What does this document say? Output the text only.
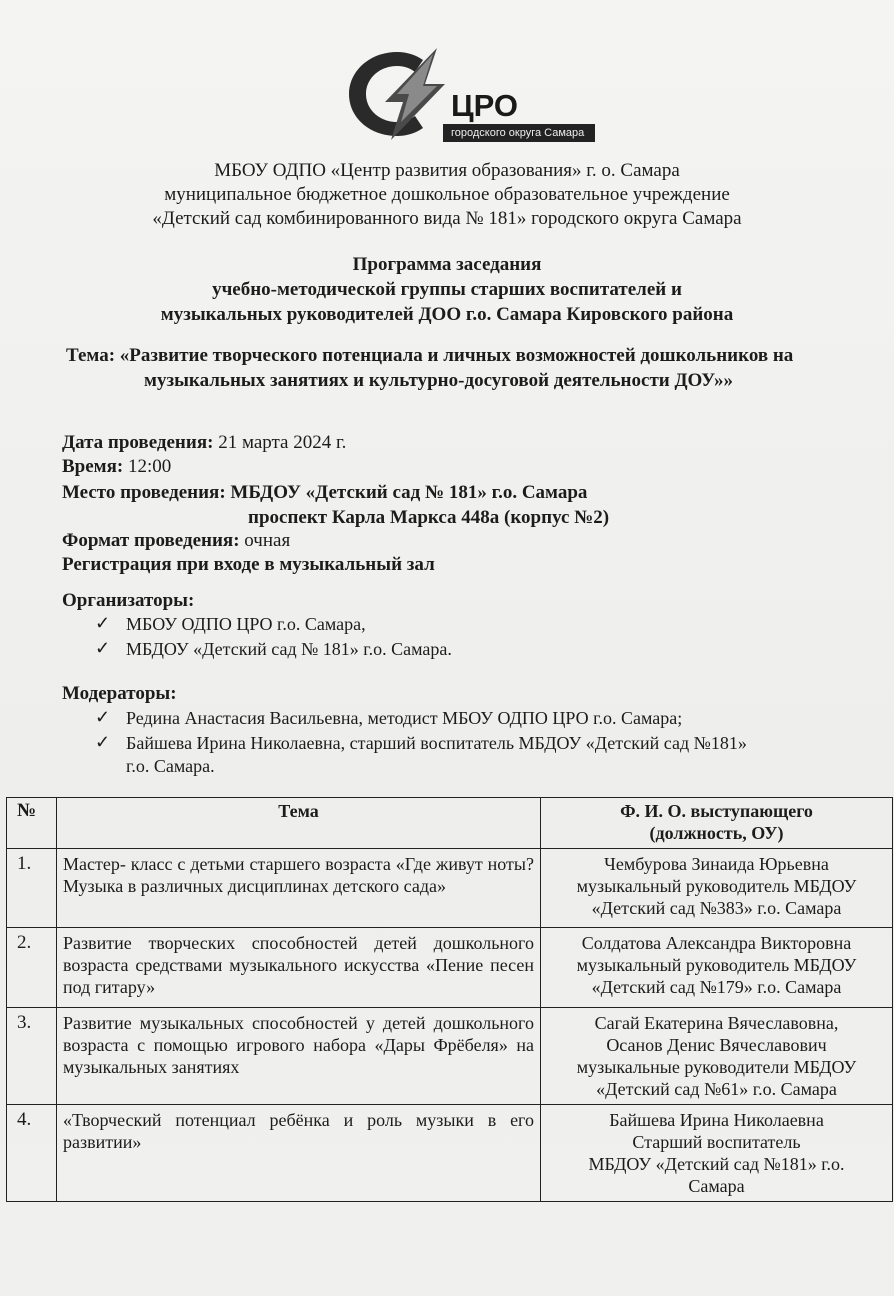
ЦРО
городского округа Самара
МБОУ ОДПО «Центр развития образования» г. о. Самара
муниципальное бюджетное дошкольное образовательное учреждение
«Детский сад комбинированного вида № 181» городского округа Самара
Программа заседания
учебно-методической группы старших воспитателей и
музыкальных руководителей ДОО г.о. Самара Кировского района
Тема: «Развитие творческого потенциала и личных возможностей дошкольников на
музыкальных занятиях и культурно-досуговой деятельности ДОУ»»
Дата проведения: 21 марта 2024 г.
Время: 12:00
Место проведения: МБДОУ «Детский сад № 181» г.о. Самара
проспект Карла Маркса 448а (корпус №2)
Формат проведения: очная
Регистрация при входе в музыкальный зал
Организаторы:
✓ МБОУ ОДПО ЦРО г.о. Самара,
✓ МБДОУ «Детский сад № 181» г.о. Самара.
Модераторы:
✓ Редина Анастасия Васильевна, методист МБОУ ОДПО ЦРО г.о. Самара;
✓ Байшева Ирина Николаевна, старший воспитатель МБДОУ «Детский сад №181»
г.о. Самара.
№	Тема	Ф. И. О. выступающего
(должность, ОУ)

1.	Мастер- класс с детьми старшего возраста «Где живут ноты? Музыка в различных дисциплинах детского сада»	Чембурова Зинаида Юрьевна
музыкальный руководитель МБДОУ
«Детский сад №383» г.о. Самара

2.	Развитие творческих способностей детей дошкольного возраста средствами музыкального искусства «Пение песен под гитару»	Солдатова Александра Викторовна
музыкальный руководитель МБДОУ
«Детский сад №179» г.о. Самара

3.	Развитие музыкальных способностей у детей дошкольного возраста с помощью игрового набора «Дары Фрёбеля» на музыкальных занятиях	Сагай Екатерина Вячеславовна,
Осанов Денис Вячеславович
музыкальные руководители МБДОУ
«Детский сад №61» г.о. Самара

4.	«Творческий потенциал ребёнка и роль музыки в его развитии»	Байшева Ирина Николаевна
Старший воспитатель
МБДОУ «Детский сад №181» г.о.
Самара
